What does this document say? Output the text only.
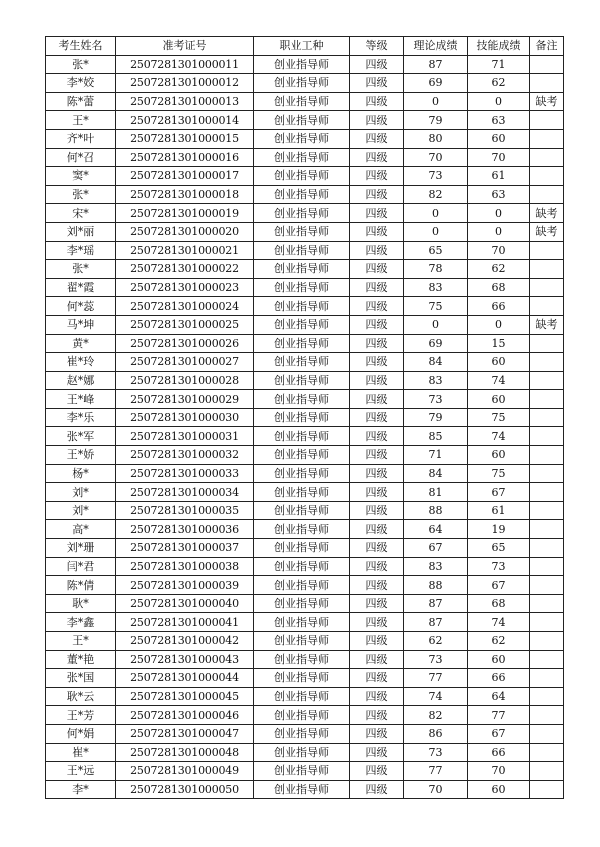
考生姓名	准考证号	职业工种	等级	理论成绩	技能成绩	备注
张*	2507281301000011	创业指导师	四级	87	71	
李*姣	2507281301000012	创业指导师	四级	69	62	
陈*蕾	2507281301000013	创业指导师	四级	0	0	缺考
王*	2507281301000014	创业指导师	四级	79	63	
齐*叶	2507281301000015	创业指导师	四级	80	60	
何*召	2507281301000016	创业指导师	四级	70	70	
窦*	2507281301000017	创业指导师	四级	73	61	
张*	2507281301000018	创业指导师	四级	82	63	
宋*	2507281301000019	创业指导师	四级	0	0	缺考
刘*丽	2507281301000020	创业指导师	四级	0	0	缺考
李*瑶	2507281301000021	创业指导师	四级	65	70	
张*	2507281301000022	创业指导师	四级	78	62	
翟*霞	2507281301000023	创业指导师	四级	83	68	
何*蕊	2507281301000024	创业指导师	四级	75	66	
马*坤	2507281301000025	创业指导师	四级	0	0	缺考
黄*	2507281301000026	创业指导师	四级	69	15	
崔*玲	2507281301000027	创业指导师	四级	84	60	
赵*娜	2507281301000028	创业指导师	四级	83	74	
王*峰	2507281301000029	创业指导师	四级	73	60	
李*乐	2507281301000030	创业指导师	四级	79	75	
张*军	2507281301000031	创业指导师	四级	85	74	
王*娇	2507281301000032	创业指导师	四级	71	60	
杨*	2507281301000033	创业指导师	四级	84	75	
刘*	2507281301000034	创业指导师	四级	81	67	
刘*	2507281301000035	创业指导师	四级	88	61	
高*	2507281301000036	创业指导师	四级	64	19	
刘*珊	2507281301000037	创业指导师	四级	67	65	
闫*君	2507281301000038	创业指导师	四级	83	73	
陈*倩	2507281301000039	创业指导师	四级	88	67	
耿*	2507281301000040	创业指导师	四级	87	68	
李*鑫	2507281301000041	创业指导师	四级	87	74	
王*	2507281301000042	创业指导师	四级	62	62	
董*艳	2507281301000043	创业指导师	四级	73	60	
张*国	2507281301000044	创业指导师	四级	77	66	
耿*云	2507281301000045	创业指导师	四级	74	64	
王*芳	2507281301000046	创业指导师	四级	82	77	
何*娟	2507281301000047	创业指导师	四级	86	67	
崔*	2507281301000048	创业指导师	四级	73	66	
王*远	2507281301000049	创业指导师	四级	77	70	
李*	2507281301000050	创业指导师	四级	70	60	
